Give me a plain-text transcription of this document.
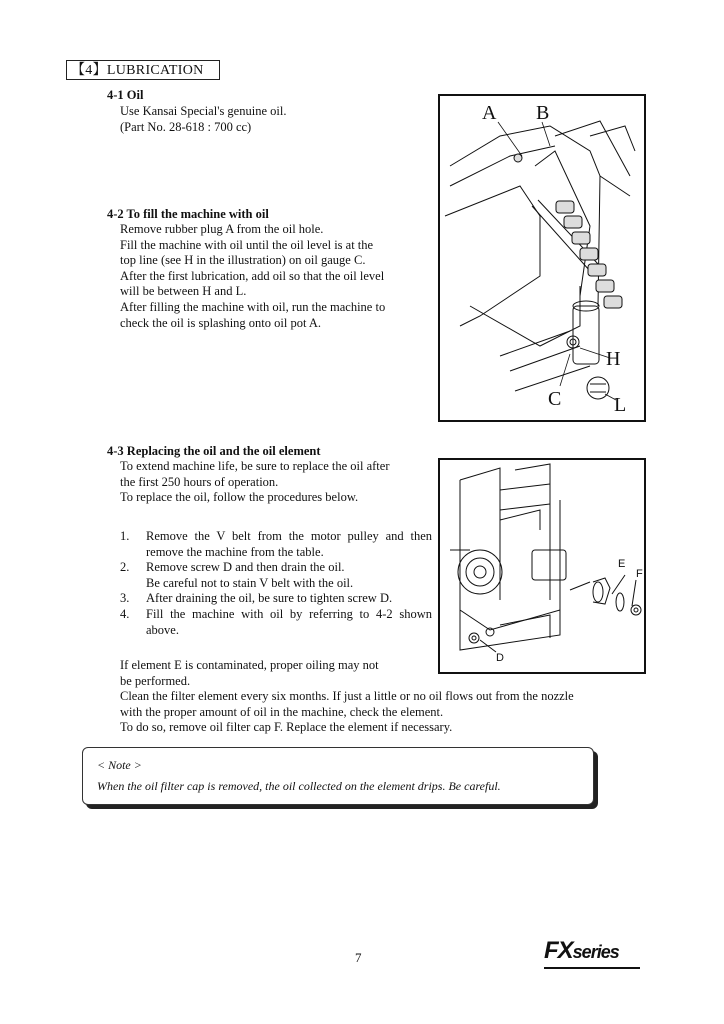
【4】LUBRICATION
4-1 Oil
Use Kansai Special's genuine oil.
(Part No. 28-618 : 700 cc)
4-2 To fill the machine with oil
Remove rubber plug A from the oil hole.
Fill the machine with oil until the oil level is at the
top line (see H in the illustration) on oil gauge C.
After the first lubrication, add oil so that the oil level
will be between H and L.
After filling the machine with oil, run the machine to
check the oil is splashing onto oil pot A.
A B
H
C	L
4-3 Replacing the oil and the oil element
To extend machine life, be sure to replace the oil after
the first 250 hours of operation.
To replace the oil, follow the procedures below.
1. Remove the V belt from the motor pulley and then remove the machine from the table.
2. Remove screw D and then drain the oil.
Be careful not to stain V belt with the oil.
3. After draining the oil, be sure to tighten screw D.
4. Fill the machine with oil by referring to 4-2 shown above.
If element E is contaminated, proper oiling may not
be performed.
Clean the filter element every six months. If just a little or no oil flows out from the nozzle
with the proper amount of oil in the machine, check the element.
To do so, remove oil filter cap F. Replace the element if necessary.
E
F
D
< Note >
When the oil filter cap is removed, the oil collected on the element drips. Be careful.
7	FXseries
